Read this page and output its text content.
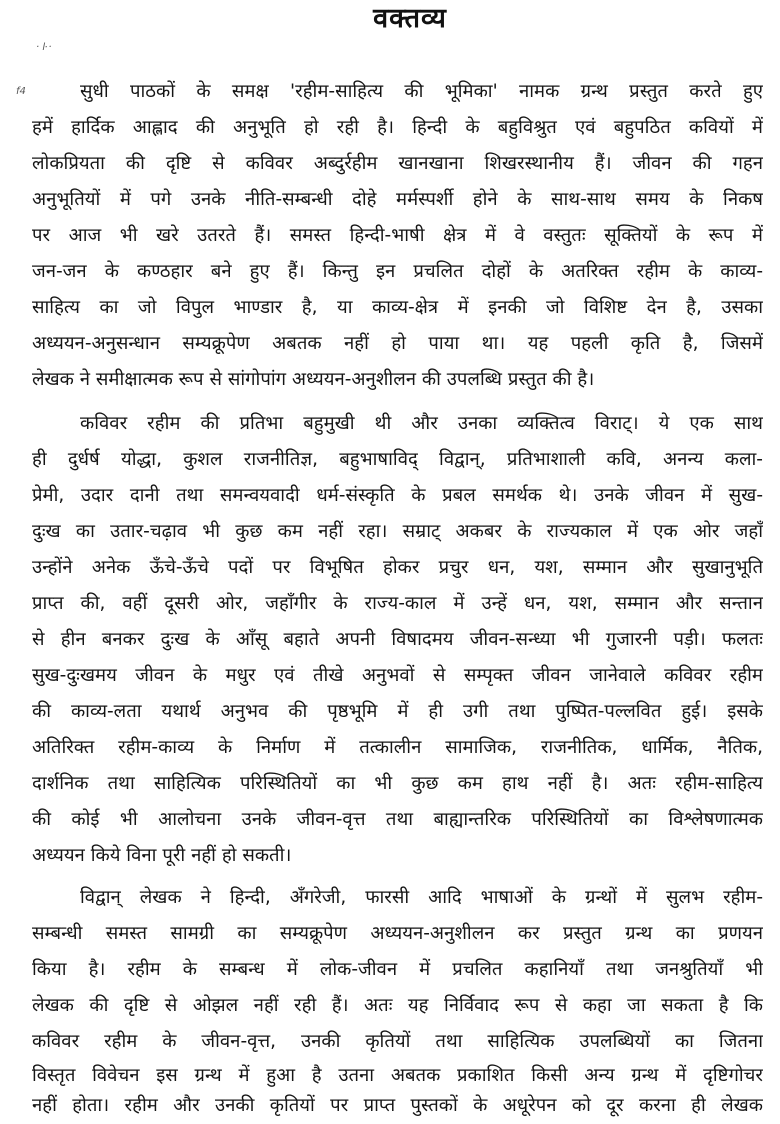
वक्तव्य
· ŀ ·
f4	सुधी पाठकों के समक्ष 'रहीम-साहित्य की भूमिका' नामक ग्रन्थ प्रस्तुत करते हुए
हमें हार्दिक आह्लाद की अनुभूति हो रही है। हिन्दी के बहुविश्रुत एवं बहुपठित कवियों में
लोकप्रियता की दृष्टि से कविवर अब्दुर्रहीम खानखाना शिखरस्थानीय हैं। जीवन की गहन
अनुभूतियों में पगे उनके नीति-सम्बन्धी दोहे मर्मस्पर्शी होने के साथ-साथ समय के निकष
पर आज भी खरे उतरते हैं। समस्त हिन्दी-भाषी क्षेत्र में वे वस्तुतः सूक्तियों के रूप में
जन-जन के कण्ठहार बने हुए हैं। किन्तु इन प्रचलित दोहों के अतरिक्त रहीम के काव्य-
साहित्य का जो विपुल भाण्डार है, या काव्य-क्षेत्र में इनकी जो विशिष्ट देन है, उसका
अध्ययन-अनुसन्धान सम्यक्रूपेण अबतक नहीं हो पाया था। यह पहली कृति है, जिसमें
लेखक ने समीक्षात्मक रूप से सांगोपांग अध्ययन-अनुशीलन की उपलब्धि प्रस्तुत की है।
कविवर रहीम की प्रतिभा बहुमुखी थी और उनका व्यक्तित्व विराट्। ये एक साथ
ही दुर्धर्ष योद्धा, कुशल राजनीतिज्ञ, बहुभाषाविद् विद्वान्, प्रतिभाशाली कवि, अनन्य कला-
प्रेमी, उदार दानी तथा समन्वयवादी धर्म-संस्कृति के प्रबल समर्थक थे। उनके जीवन में सुख-
दुःख का उतार-चढ़ाव भी कुछ कम नहीं रहा। सम्राट् अकबर के राज्यकाल में एक ओर जहाँ
उन्होंने अनेक ऊँचे-ऊँचे पदों पर विभूषित होकर प्रचुर धन, यश, सम्मान और सुखानुभूति
प्राप्त की, वहीं दूसरी ओर, जहाँगीर के राज्य-काल में उन्हें धन, यश, सम्मान और सन्तान
से हीन बनकर दुःख के आँसू बहाते अपनी विषादमय जीवन-सन्ध्या भी गुजारनी पड़ी। फलतः
सुख-दुःखमय जीवन के मधुर एवं तीखे अनुभवों से सम्पृक्त जीवन जानेवाले कविवर रहीम
की काव्य-लता यथार्थ अनुभव की पृष्ठभूमि में ही उगी तथा पुष्पित-पल्लवित हुई। इसके
अतिरिक्त रहीम-काव्य के निर्माण में तत्कालीन सामाजिक, राजनीतिक, धार्मिक, नैतिक,
दार्शनिक तथा साहित्यिक परिस्थितियों का भी कुछ कम हाथ नहीं है। अतः रहीम-साहित्य
की कोई भी आलोचना उनके जीवन-वृत्त तथा बाह्यान्तरिक परिस्थितियों का विश्लेषणात्मक
अध्ययन किये विना पूरी नहीं हो सकती।
विद्वान् लेखक ने हिन्दी, अँगरेजी, फारसी आदि भाषाओं के ग्रन्थों में सुलभ रहीम-
सम्बन्धी समस्त सामग्री का सम्यक्रूपेण अध्ययन-अनुशीलन कर प्रस्तुत ग्रन्थ का प्रणयन
किया है। रहीम के सम्बन्ध में लोक-जीवन में प्रचलित कहानियाँ तथा जनश्रुतियाँ भी
लेखक की दृष्टि से ओझल नहीं रही हैं। अतः यह निर्विवाद रूप से कहा जा सकता है कि
कविवर रहीम के जीवन-वृत्त, उनकी कृतियों तथा साहित्यिक उपलब्धियों का जितना
विस्तृत विवेचन इस ग्रन्थ में हुआ है उतना अबतक प्रकाशित किसी अन्य ग्रन्थ में दृष्टिगोचर
नहीं होता। रहीम और उनकी कृतियों पर प्राप्त पुस्तकों के अधूरेपन को दूर करना ही लेखक
